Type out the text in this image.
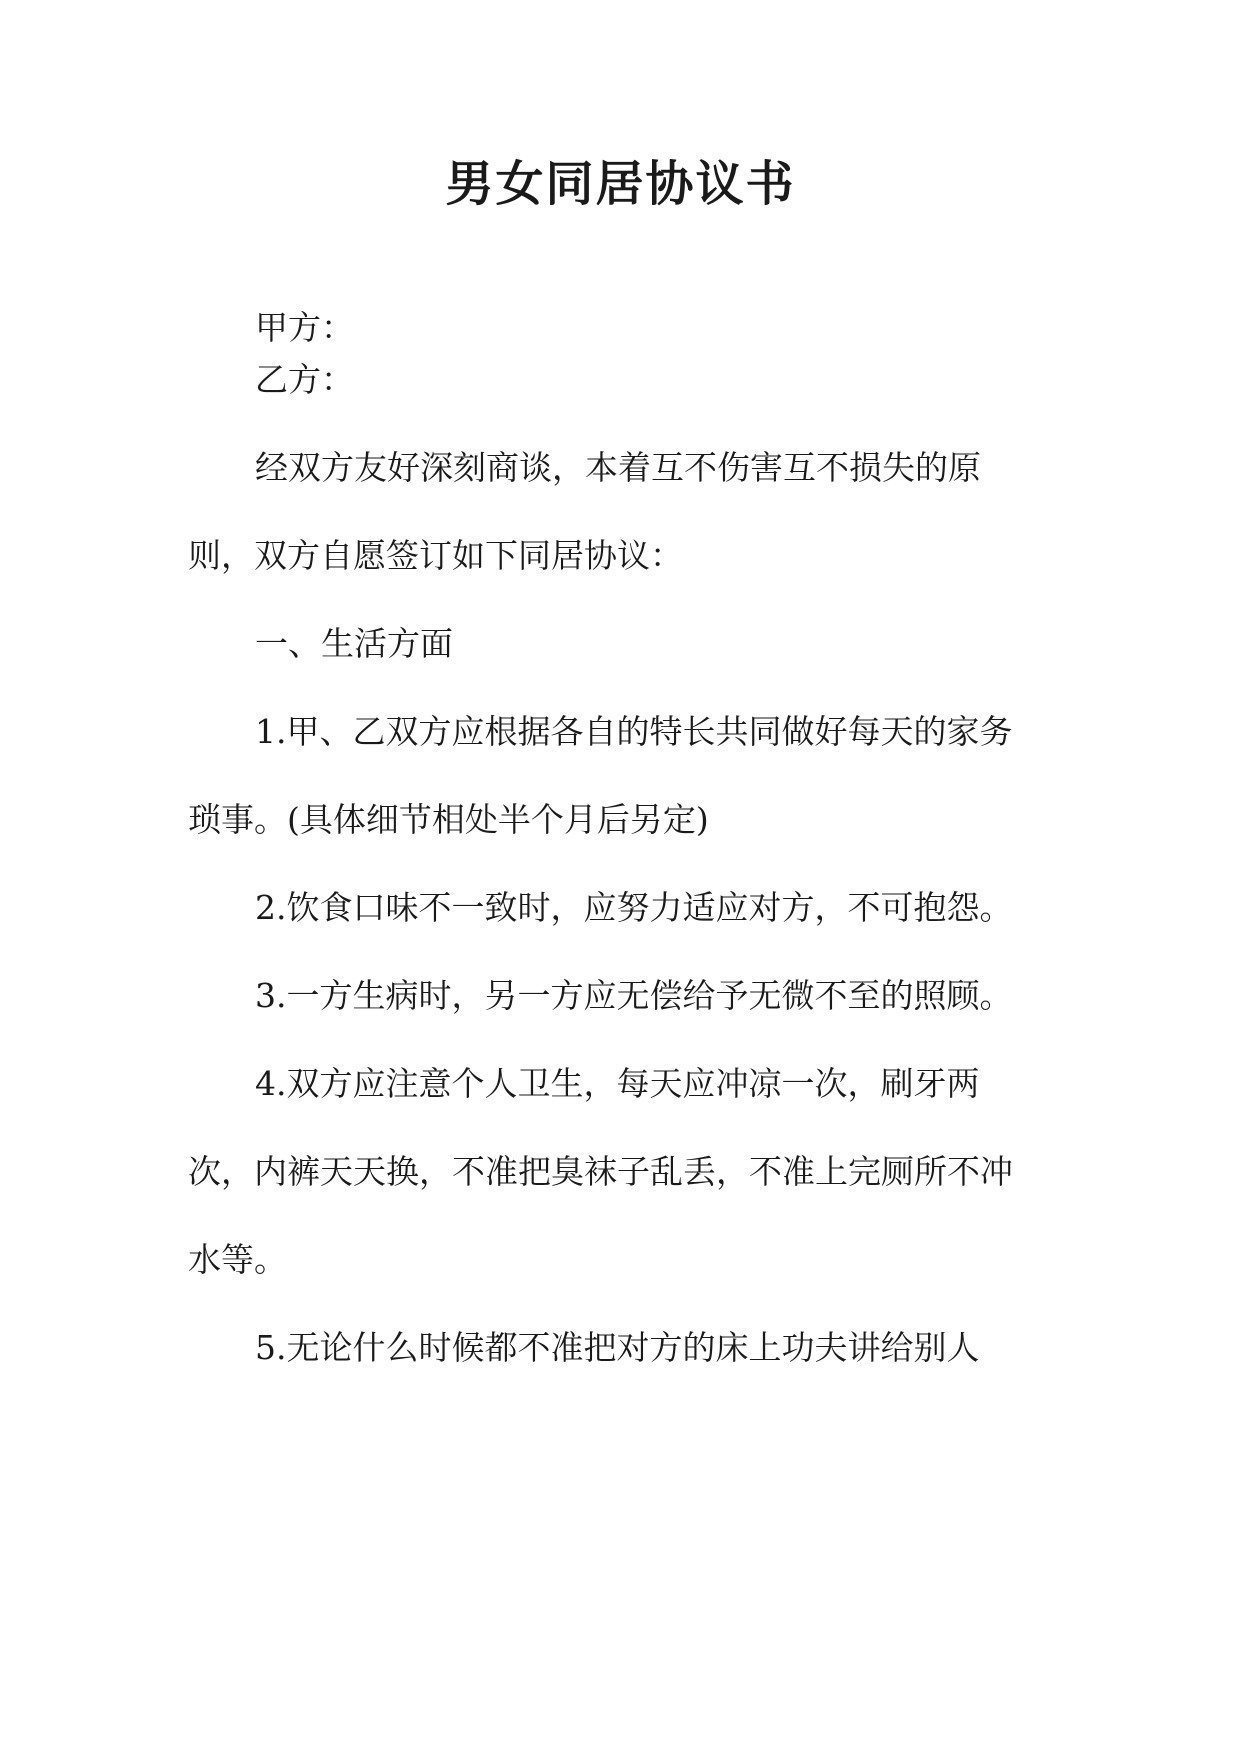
男女同居协议书
甲方：
乙方：
经双方友好深刻商谈，本着互不伤害互不损失的原
则，双方自愿签订如下同居协议：
一、生活方面
1.甲、乙双方应根据各自的特长共同做好每天的家务
琐事。(具体细节相处半个月后另定)
2.饮食口味不一致时，应努力适应对方，不可抱怨。
3.一方生病时，另一方应无偿给予无微不至的照顾。
4.双方应注意个人卫生，每天应冲凉一次，刷牙两
次，内裤天天换，不准把臭袜子乱丢，不准上完厕所不冲
水等。
5.无论什么时候都不准把对方的床上功夫讲给别人
